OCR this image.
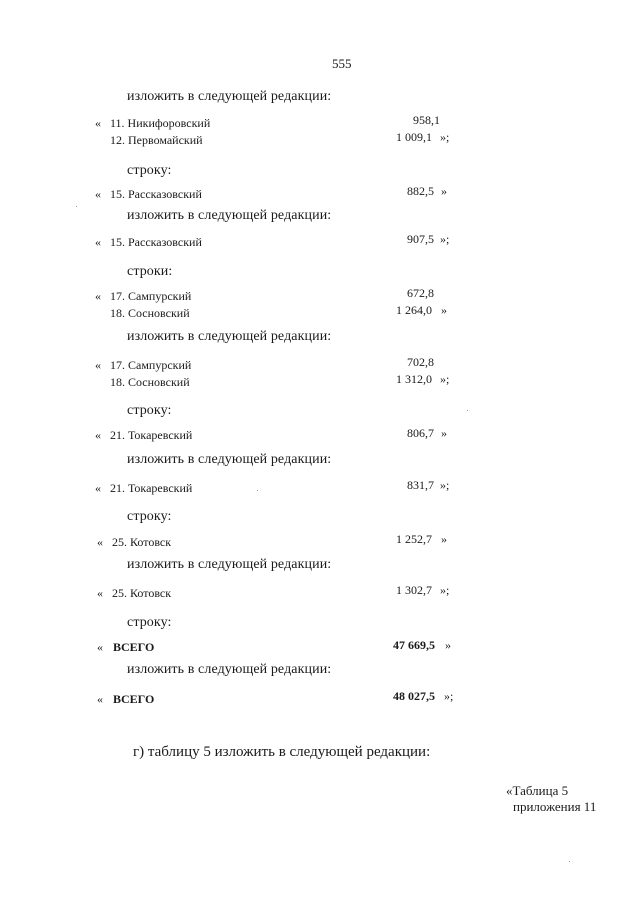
555
изложить в следующей редакции:
« 11. Никифоровский	958,1
12. Первомайский	1 009,1 »;
строку:
« 15. Рассказовский	882,5 »
изложить в следующей редакции:
« 15. Рассказовский	907,5 »;
строки:
« 17. Сампурский	672,8
18. Сосновский	1 264,0 »
изложить в следующей редакции:
« 17. Сампурский	702,8
18. Сосновский	1 312,0 »;
строку:
« 21. Токаревский	806,7 »
изложить в следующей редакции:
« 21. Токаревский	831,7 »;
строку:
« 25. Котовск	1 252,7 »
изложить в следующей редакции:
« 25. Котовск	1 302,7 »;
строку:
« ВСЕГО	47 669,5 »
изложить в следующей редакции:
« ВСЕГО	48 027,5 »;
г) таблицу 5 изложить в следующей редакции:
«Таблица 5
приложения 11
